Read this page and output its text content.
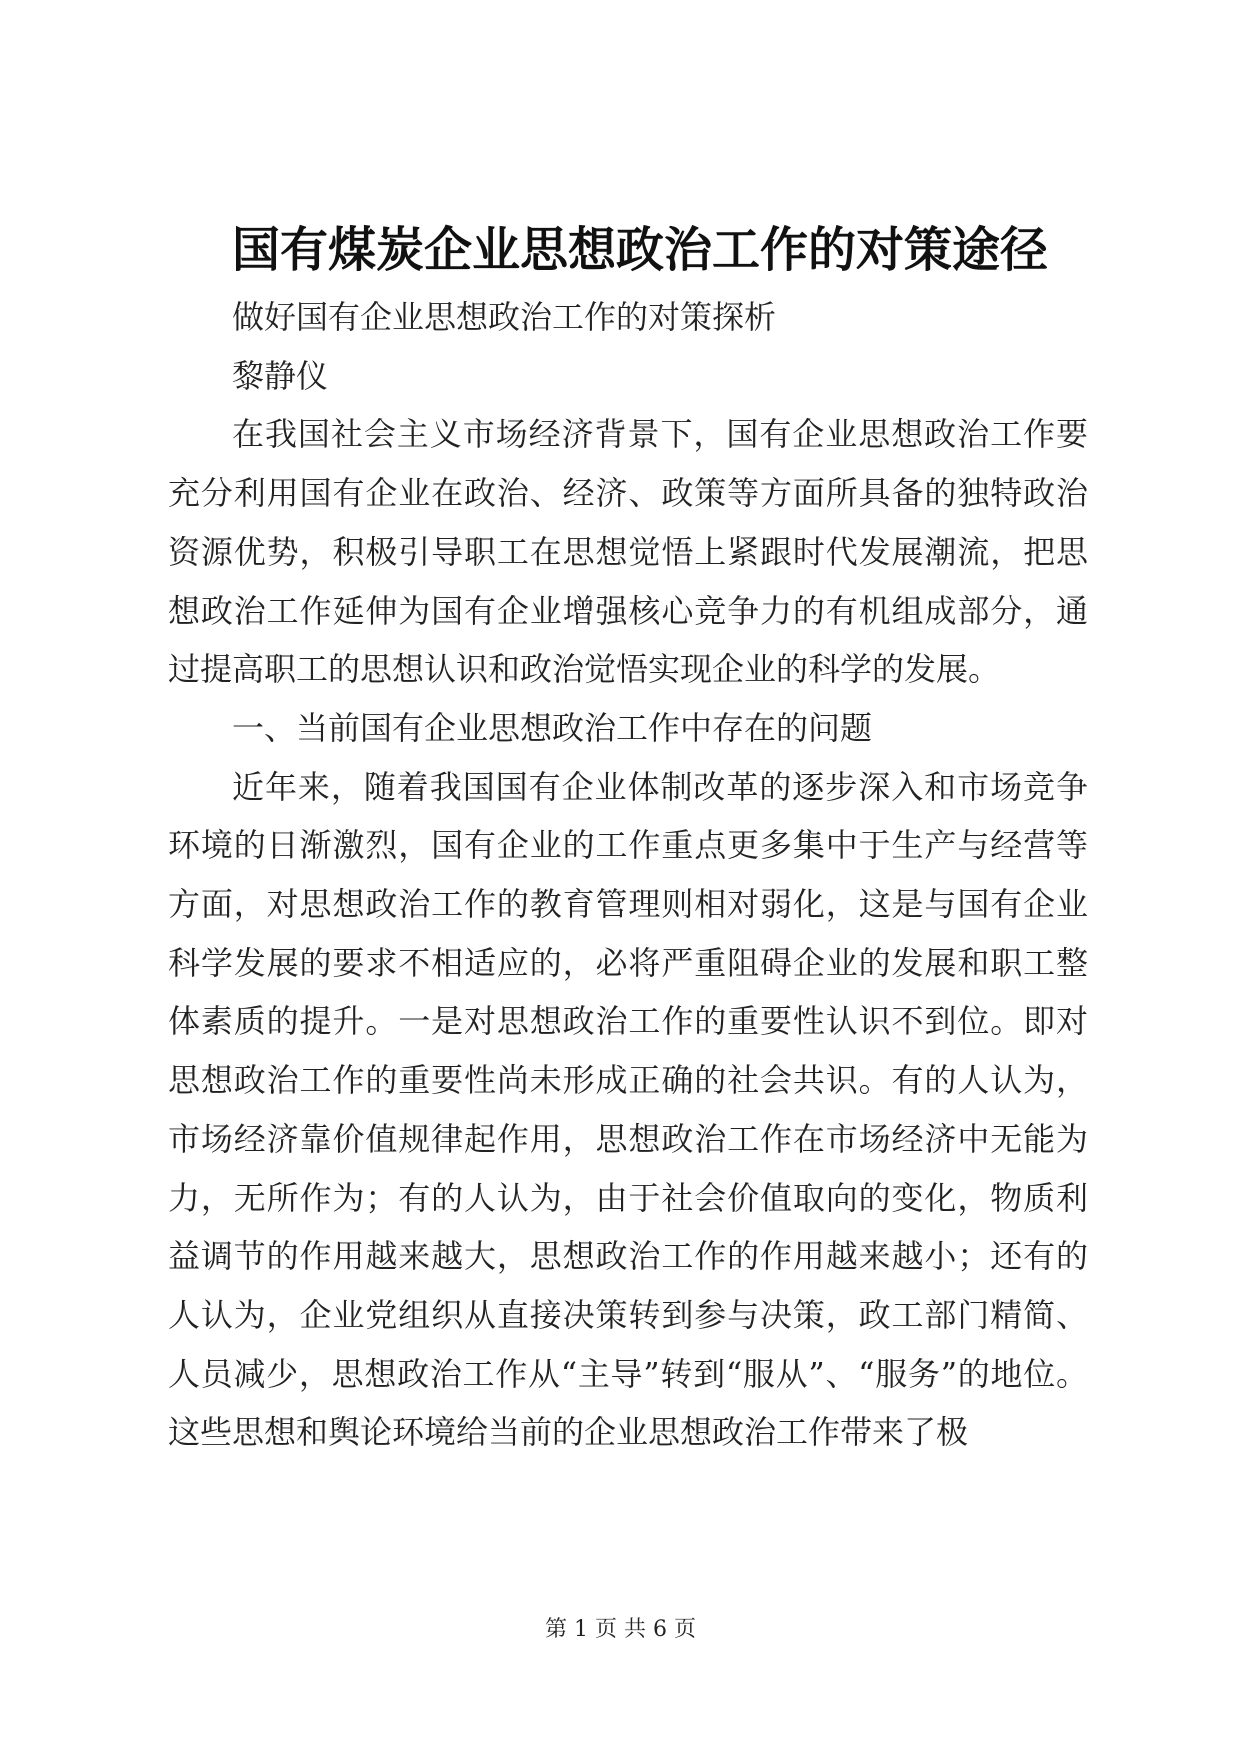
国有煤炭企业思想政治工作的对策途径

做好国有企业思想政治工作的对策探析

黎静仪

在我国社会主义市场经济背景下，国有企业思想政治工作要充分利用国有企业在政治、经济、政策等方面所具备的独特政治资源优势，积极引导职工在思想觉悟上紧跟时代发展潮流，把思想政治工作延伸为国有企业增强核心竞争力的有机组成部分，通过提高职工的思想认识和政治觉悟实现企业的科学的发展。

一、当前国有企业思想政治工作中存在的问题

近年来，随着我国国有企业体制改革的逐步深入和市场竞争环境的日渐激烈，国有企业的工作重点更多集中于生产与经营等方面，对思想政治工作的教育管理则相对弱化，这是与国有企业科学发展的要求不相适应的，必将严重阻碍企业的发展和职工整体素质的提升。一是对思想政治工作的重要性认识不到位。即对思想政治工作的重要性尚未形成正确的社会共识。有的人认为，市场经济靠价值规律起作用，思想政治工作在市场经济中无能为力，无所作为；有的人认为，由于社会价值取向的变化，物质利益调节的作用越来越大，思想政治工作的作用越来越小；还有的人认为，企业党组织从直接决策转到参与决策，政工部门精简、人员减少，思想政治工作从“主导”转到“服从”、“服务”的地位。这些思想和舆论环境给当前的企业思想政治工作带来了极

第 1 页 共 6 页
